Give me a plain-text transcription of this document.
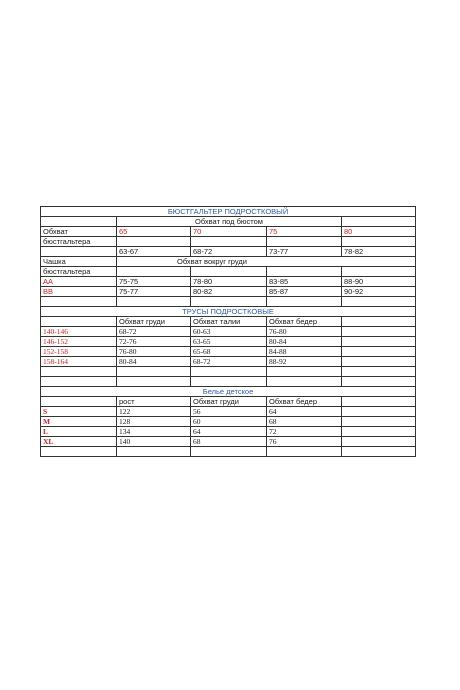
БЮСТГАЛЬТЕР ПОДРОСТКОВЫЙ				
	Обхват под бюстом			
Обхват	65	70	75	80
бюстгальтера				
	63-67	68-72	73-77	78-82
Чашка	Обхват вокруг груди			
бюстгальтера				
AA	75-75	78-80	83-85	88-90
BB	75-77	80-82	85-87	90-92

ТРУСЫ ПОДРОСТКОВЫЕ				
	Обхват груди	Обхват талии	Обхват бедер	
140-146	68-72	60-63	76-80	
146-152	72-76	63-65	80-84	
152-158	76-80	65-68	84-88	
158-164	80-84	68-72	88-92	

Белье детское				
	рост	Обхват груди	Обхват бедер	
S	122	56	64	
M	128	60	68	
L	134	64	72	
XL	140	68	76	
